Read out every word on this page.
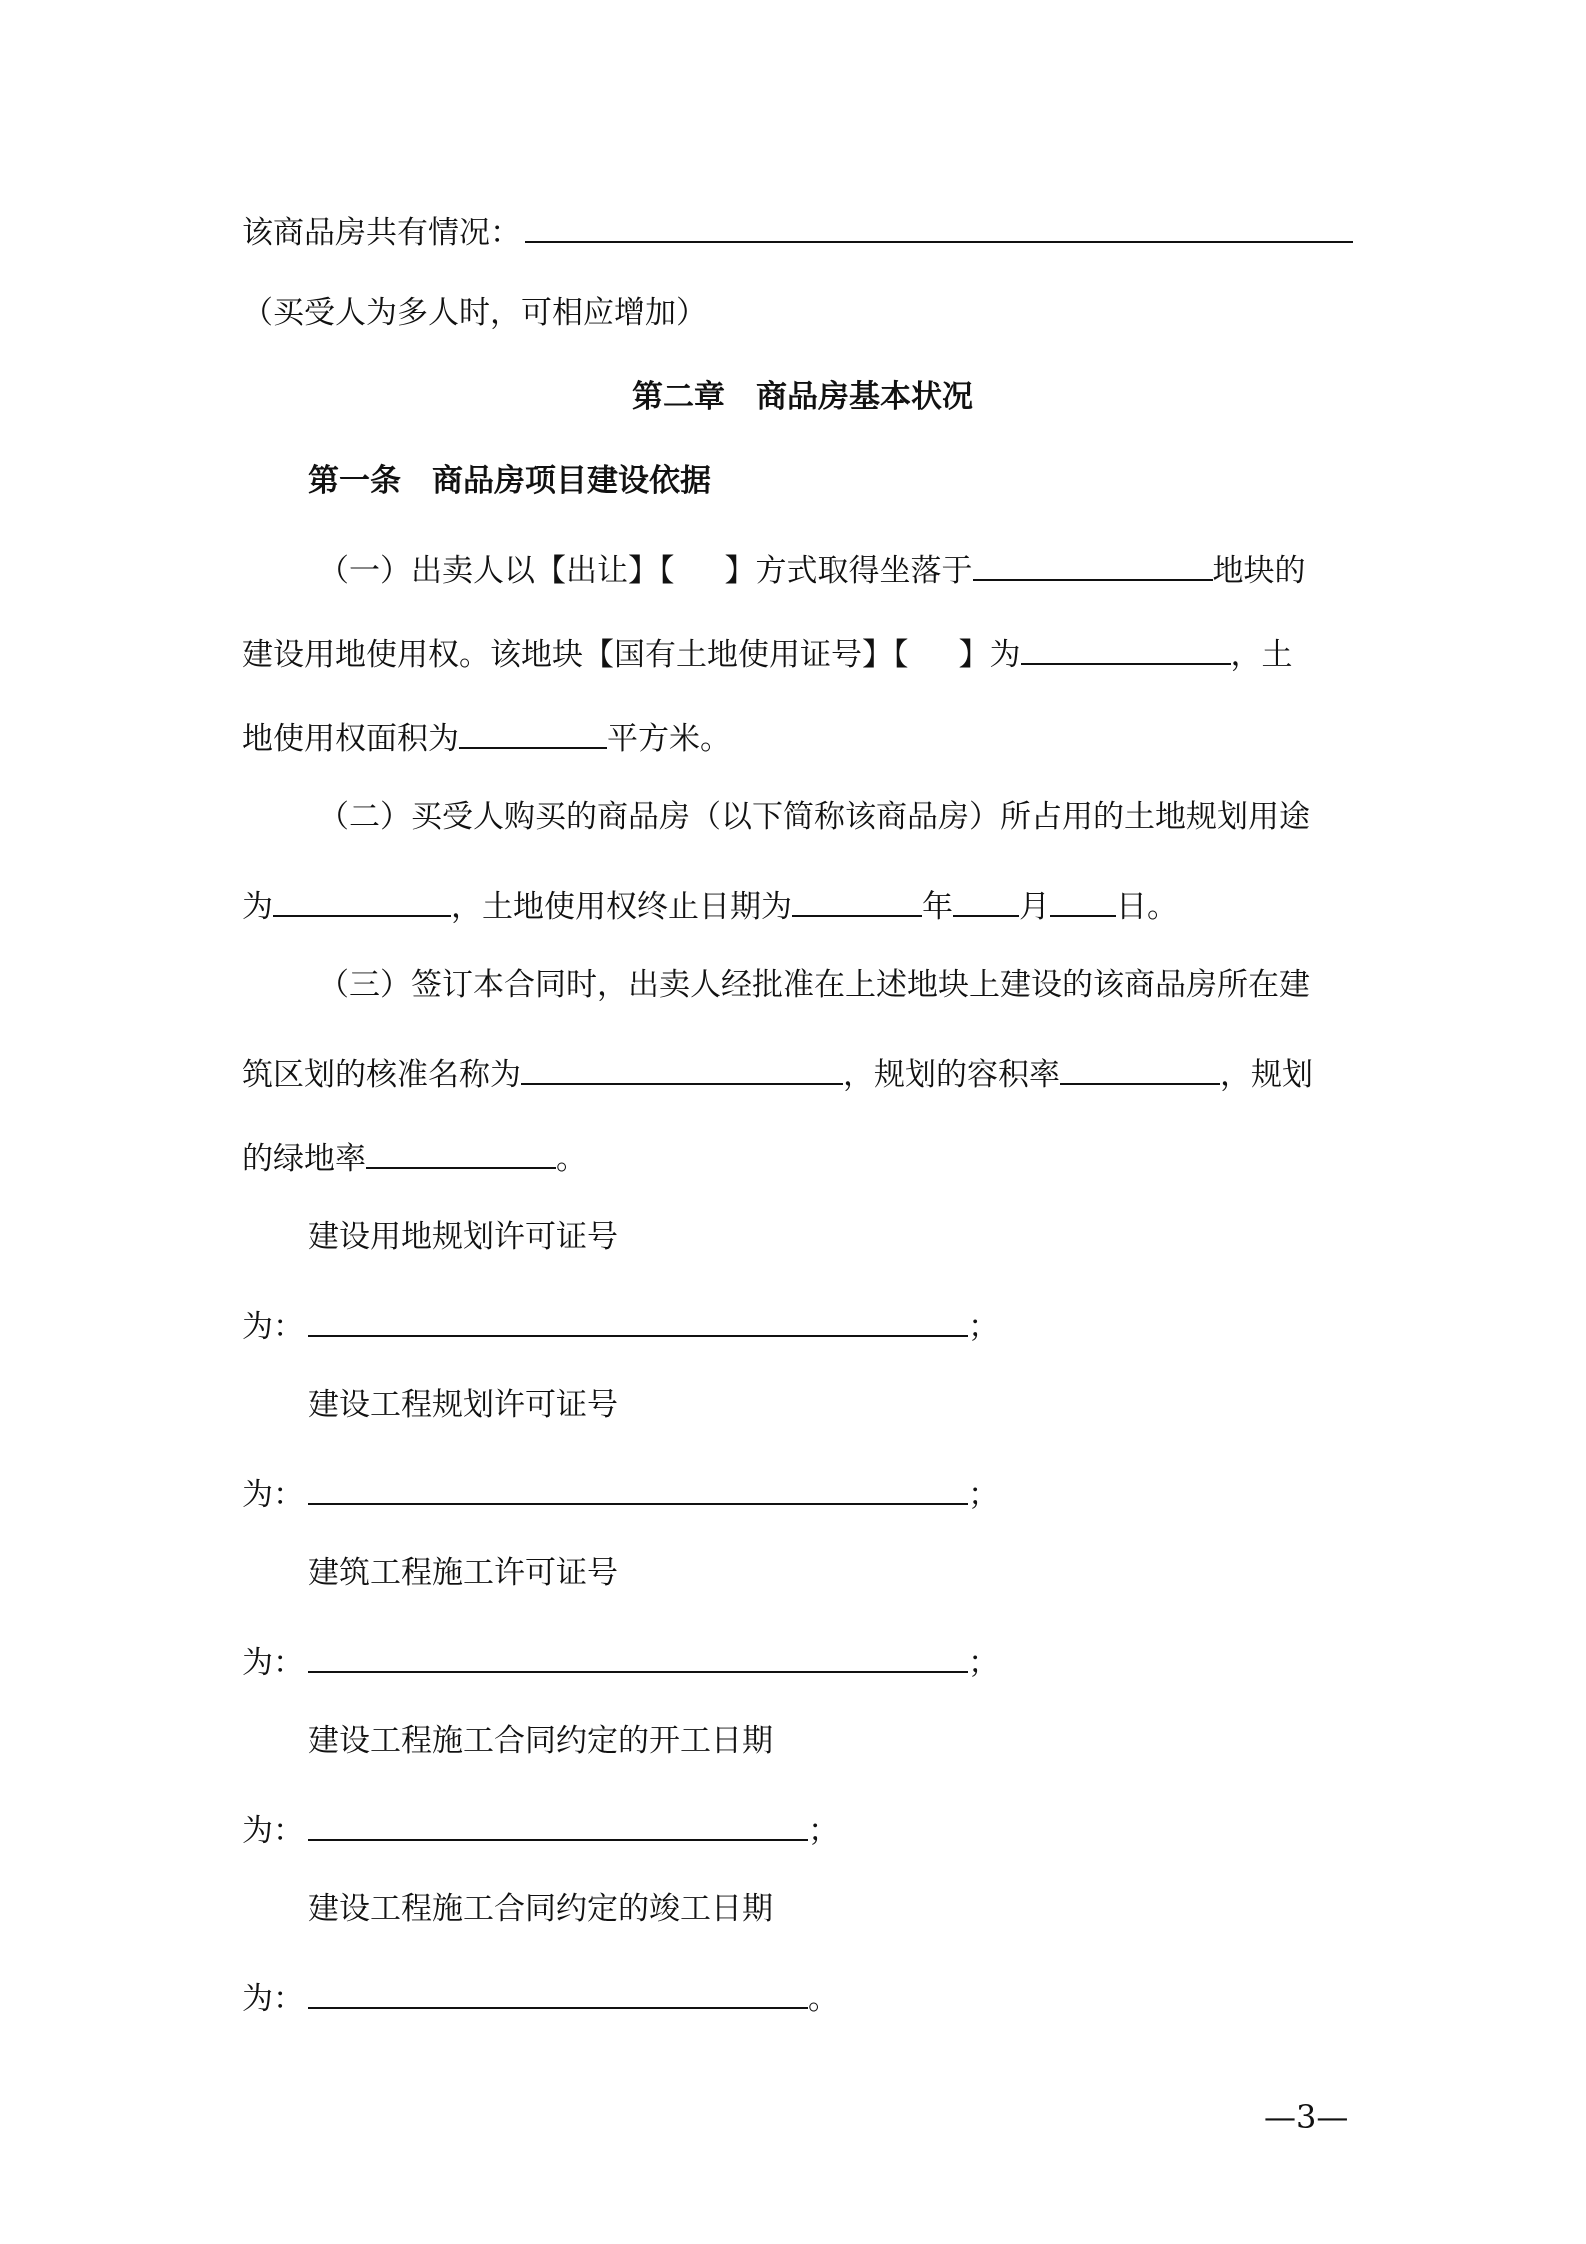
该商品房共有情况：
（买受人为多人时，可相应增加）
第二章　商品房基本状况
第一条　商品房项目建设依据
（一）出卖人以【出让】【 】方式取得坐落于	地块的
建设用地使用权。该地块【国有土地使用证号】【 】为	，土
地使用权面积为	平方米。
（二）买受人购买的商品房（以下简称该商品房）所占用的土地规划用途
为	，土地使用权终止日期为	年 月 日。
（三）签订本合同时，出卖人经批准在上述地块上建设的该商品房所在建
筑区划的核准名称为	，规划的容积率	，规划
的绿地率	。
建设用地规划许可证号
为：	；
建设工程规划许可证号
为：	；
建筑工程施工许可证号
为：	；
建设工程施工合同约定的开工日期
为：	；
建设工程施工合同约定的竣工日期
为：	。
—3—
